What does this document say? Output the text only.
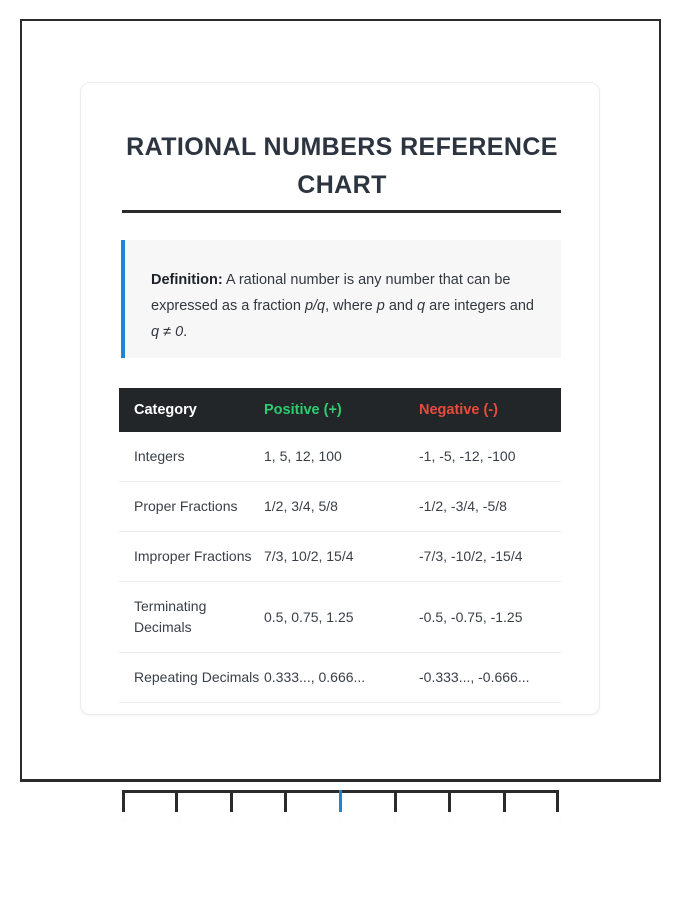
RATIONAL NUMBERS REFERENCE CHART
Definition: A rational number is any number that can be expressed as a fraction p/q, where p and q are integers and q ≠ 0.
Category	Positive (+)	Negative (-)
Integers	1, 5, 12, 100	-1, -5, -12, -100
Proper Fractions	1/2, 3/4, 5/8	-1/2, -3/4, -5/8
Improper Fractions	7/3, 10/2, 15/4	-7/3, -10/2, -15/4
Terminating Decimals	0.5, 0.75, 1.25	-0.5, -0.75, -1.25
Repeating Decimals	0.333..., 0.666...	-0.333..., -0.666...
-4	-3	-2	-1	0	1	2	3	4
